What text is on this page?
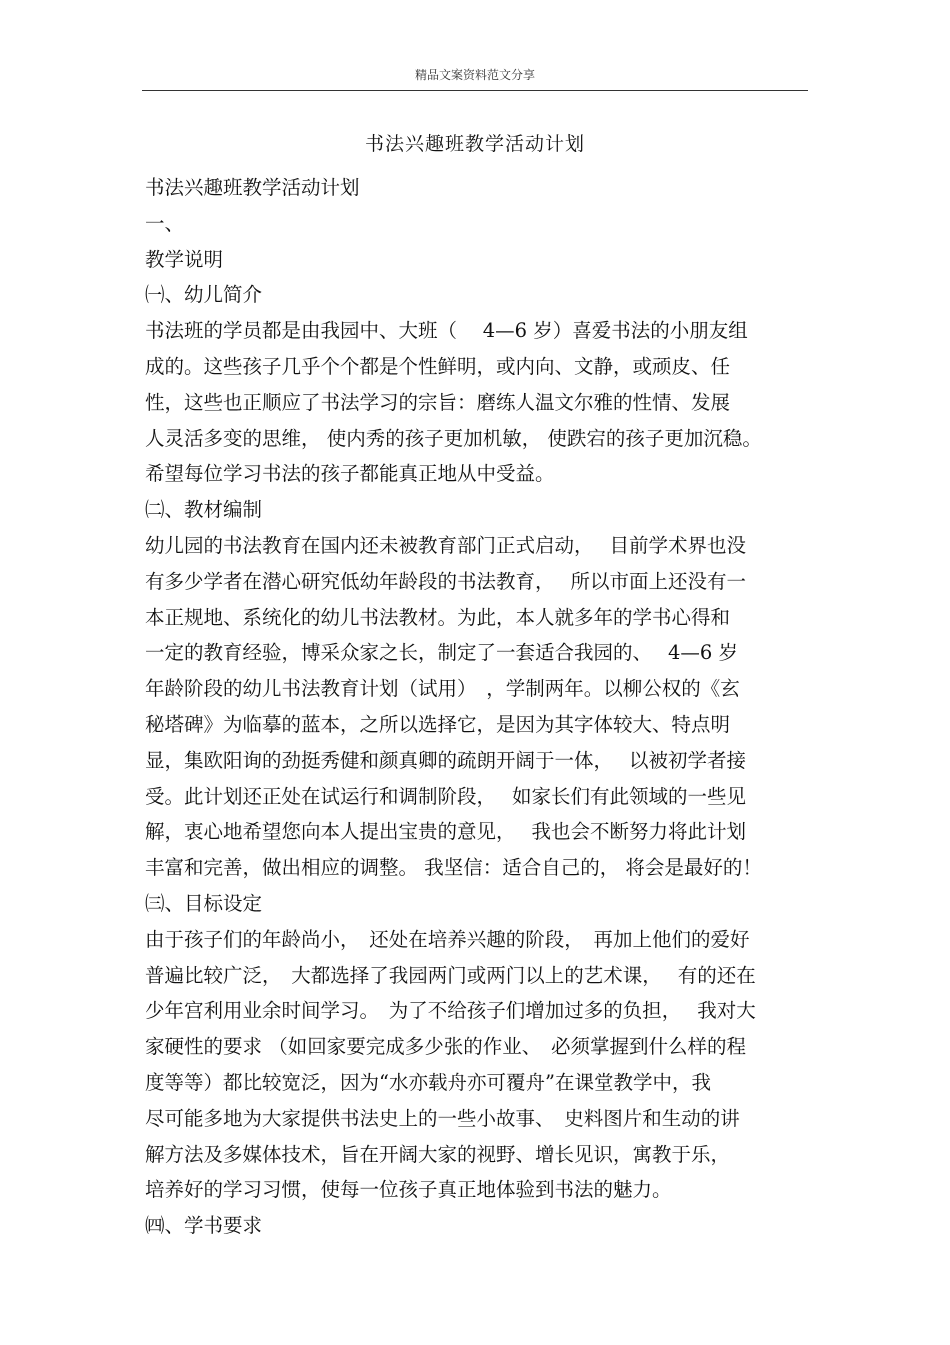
精品文案资料范文分享
书法兴趣班教学活动计划
书法兴趣班教学活动计划
一、
教学说明
㈠、幼儿简介
书法班的学员都是由我园中、大班（　 4—6 岁）喜爱书法的小朋友组
成的。这些孩子几乎个个都是个性鲜明，或内向、文静，或顽皮、任
性，这些也正顺应了书法学习的宗旨：磨练人温文尔雅的性情、发展
人灵活多变的思维， 使内秀的孩子更加机敏， 使跌宕的孩子更加沉稳。
希望每位学习书法的孩子都能真正地从中受益。
㈡、教材编制
幼儿园的书法教育在国内还未被教育部门正式启动，　 目前学术界也没
有多少学者在潜心研究低幼年龄段的书法教育，　 所以市面上还没有一
本正规地、系统化的幼儿书法教材。为此，本人就多年的学书心得和
一定的教育经验，博采众家之长，制定了一套适合我园的、　 4—6 岁
年龄阶段的幼儿书法教育计划（试用）　，学制两年。以柳公权的《玄
秘塔碑》为临摹的蓝本，之所以选择它，是因为其字体较大、特点明
显，集欧阳询的劲挺秀健和颜真卿的疏朗开阔于一体，　 以被初学者接
受。此计划还正处在试运行和调制阶段，　 如家长们有此领域的一些见
解，衷心地希望您向本人提出宝贵的意见，　 我也会不断努力将此计划
丰富和完善，做出相应的调整。 我坚信：适合自己的， 将会是最好的！
㈢、目标设定
由于孩子们的年龄尚小，　还处在培养兴趣的阶段，　再加上他们的爱好
普遍比较广泛，　大都选择了我园两门或两门以上的艺术课，　 有的还在
少年宫利用业余时间学习。　为了不给孩子们增加过多的负担，　 我对大
家硬性的要求 （如回家要完成多少张的作业、　必须掌握到什么样的程
度等等）都比较宽泛，因为“水亦载舟亦可覆舟”在课堂教学中，我
尽可能多地为大家提供书法史上的一些小故事、　史料图片和生动的讲
解方法及多媒体技术，旨在开阔大家的视野、增长见识，寓教于乐，
培养好的学习习惯，使每一位孩子真正地体验到书法的魅力。
㈣、学书要求
